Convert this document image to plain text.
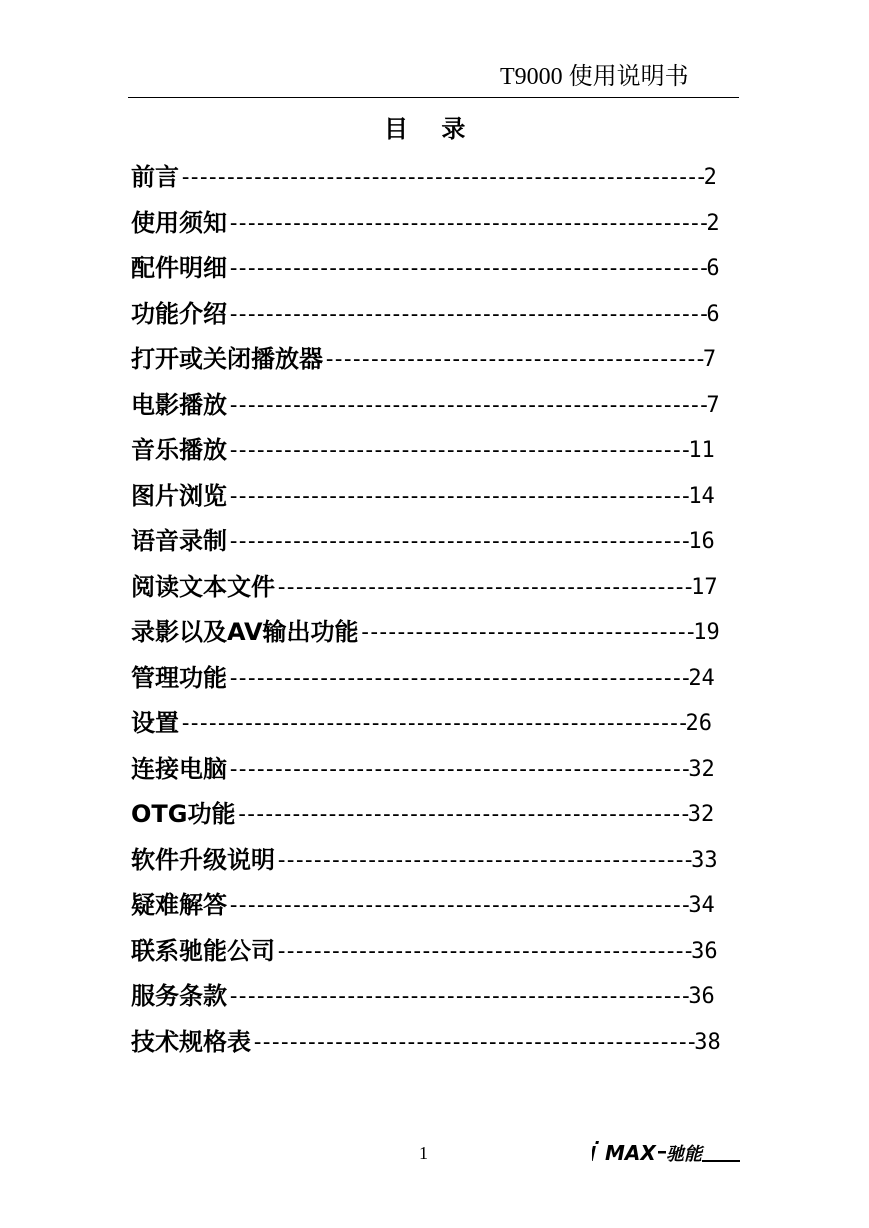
T9000 使用说明书
目    录
前言----------------------------------------------------------2
使用须知-----------------------------------------------------2
配件明细-----------------------------------------------------6
功能介绍-----------------------------------------------------6
打开或关闭播放器------------------------------------------7
电影播放-----------------------------------------------------7
音乐播放---------------------------------------------------11
图片浏览---------------------------------------------------14
语音录制---------------------------------------------------16
阅读文本文件----------------------------------------------17
录影以及AV输出功能-------------------------------------19
管理功能---------------------------------------------------24
设置--------------------------------------------------------26
连接电脑---------------------------------------------------32
OTG功能--------------------------------------------------32
软件升级说明----------------------------------------------33
疑难解答---------------------------------------------------34
联系驰能公司----------------------------------------------36
服务条款---------------------------------------------------36
技术规格表-------------------------------------------------38
1	MAX 驰能
